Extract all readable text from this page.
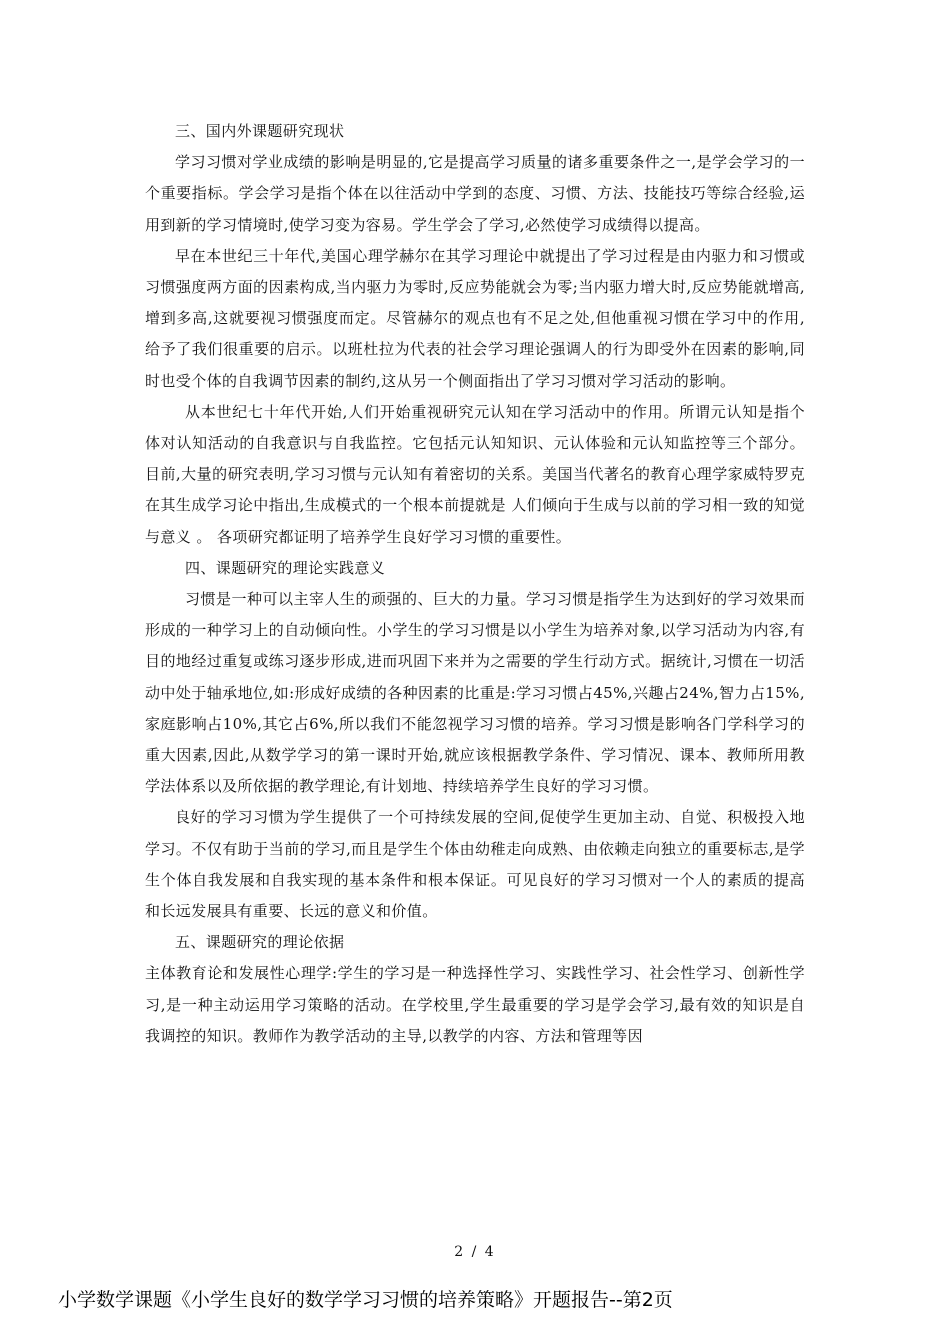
三、国内外课题研究现状

学习习惯对学业成绩的影响是明显的,它是提高学习质量的诸多重要条件之一,是学会学习的一个重要指标。学会学习是指个体在以往活动中学到的态度、习惯、方法、技能技巧等综合经验,运用到新的学习情境时,使学习变为容易。学生学会了学习,必然使学习成绩得以提高。

早在本世纪三十年代,美国心理学赫尔在其学习理论中就提出了学习过程是由内驱力和习惯或习惯强度两方面的因素构成,当内驱力为零时,反应势能就会为零;当内驱力增大时,反应势能就增高,增到多高,这就要视习惯强度而定。尽管赫尔的观点也有不足之处,但他重视习惯在学习中的作用,给予了我们很重要的启示。以班杜拉为代表的社会学习理论强调人的行为即受外在因素的影响,同时也受个体的自我调节因素的制约,这从另一个侧面指出了学习习惯对学习活动的影响。

从本世纪七十年代开始,人们开始重视研究元认知在学习活动中的作用。所谓元认知是指个体对认知活动的自我意识与自我监控。它包括元认知知识、元认体验和元认知监控等三个部分。目前,大量的研究表明,学习习惯与元认知有着密切的关系。美国当代著名的教育心理学家威特罗克在其生成学习论中指出,生成模式的一个根本前提就是 人们倾向于生成与以前的学习相一致的知觉与意义 。 各项研究都证明了培养学生良好学习习惯的重要性。

四、课题研究的理论实践意义

习惯是一种可以主宰人生的顽强的、巨大的力量。学习习惯是指学生为达到好的学习效果而形成的一种学习上的自动倾向性。小学生的学习习惯是以小学生为培养对象,以学习活动为内容,有目的地经过重复或练习逐步形成,进而巩固下来并为之需要的学生行动方式。据统计,习惯在一切活动中处于轴承地位,如:形成好成绩的各种因素的比重是:学习习惯占45%,兴趣占24%,智力占15%,家庭影响占10%,其它占6%,所以我们不能忽视学习习惯的培养。学习习惯是影响各门学科学习的重大因素,因此,从数学学习的第一课时开始,就应该根据教学条件、学习情况、课本、教师所用教学法体系以及所依据的教学理论,有计划地、持续培养学生良好的学习习惯。

良好的学习习惯为学生提供了一个可持续发展的空间,促使学生更加主动、自觉、积极投入地学习。不仅有助于当前的学习,而且是学生个体由幼稚走向成熟、由依赖走向独立的重要标志,是学生个体自我发展和自我实现的基本条件和根本保证。可见良好的学习习惯对一个人的素质的提高和长远发展具有重要、长远的意义和价值。

五、课题研究的理论依据

主体教育论和发展性心理学:学生的学习是一种选择性学习、实践性学习、社会性学习、创新性学习,是一种主动运用学习策略的活动。在学校里,学生最重要的学习是学会学习,最有效的知识是自我调控的知识。教师作为教学活动的主导,以教学的内容、方法和管理等因

2 / 4
小学数学课题《小学生良好的数学学习习惯的培养策略》开题报告--第2页
